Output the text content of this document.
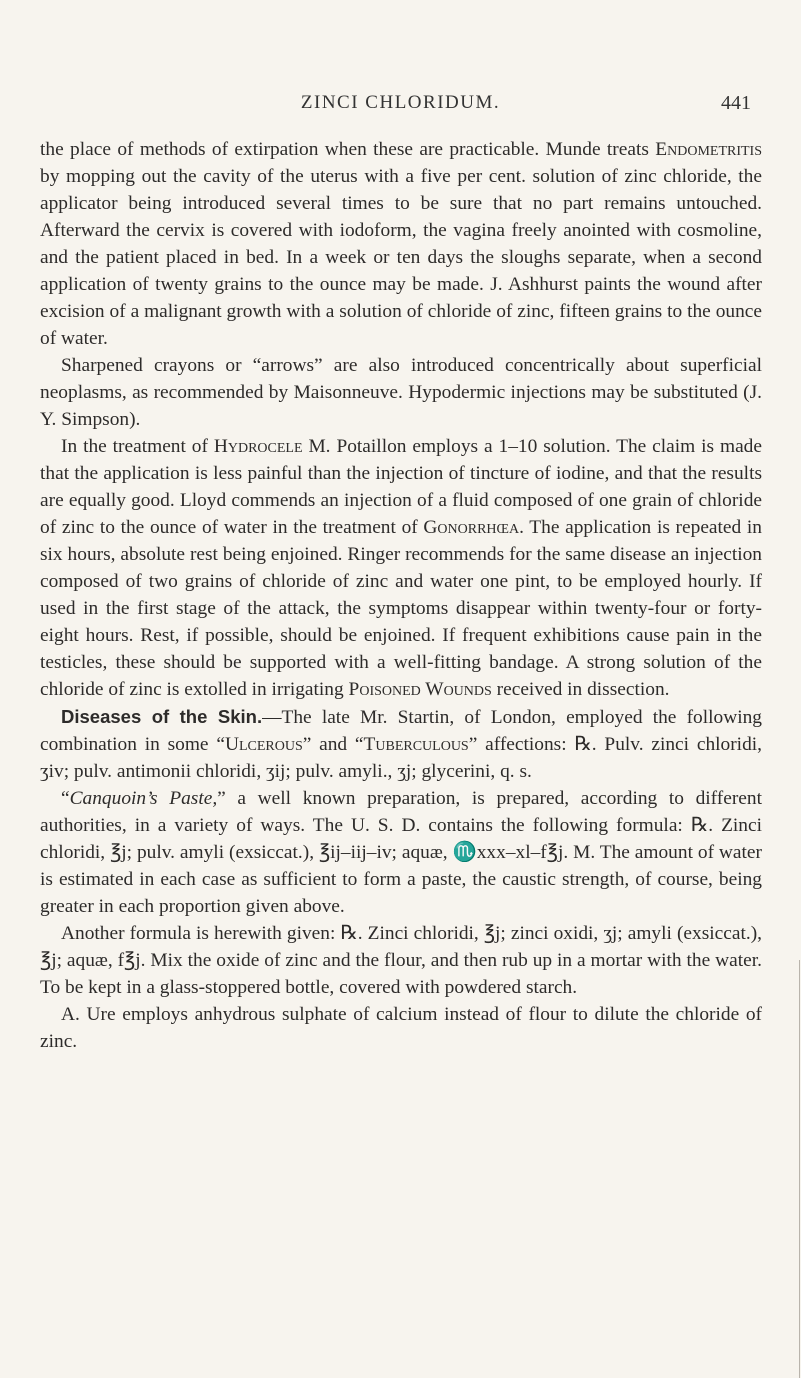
ZINCI CHLORIDUM.	441

the place of methods of extirpation when these are practicable. Munde treats Endometritis by mopping out the cavity of the uterus with a five per cent. solution of zinc chloride, the applicator being introduced several times to be sure that no part remains untouched. Afterward the cervix is covered with iodoform, the vagina freely anointed with cosmoline, and the patient placed in bed. In a week or ten days the sloughs separate, when a second application of twenty grains to the ounce may be made. J. Ashhurst paints the wound after excision of a malignant growth with a solution of chloride of zinc, fifteen grains to the ounce of water.

Sharpened crayons or “arrows” are also introduced concentrically about superficial neoplasms, as recommended by Maisonneuve. Hypodermic injections may be substituted (J. Y. Simpson).

In the treatment of Hydrocele M. Potaillon employs a 1–10 solution. The claim is made that the application is less painful than the injection of tincture of iodine, and that the results are equally good. Lloyd commends an injection of a fluid composed of one grain of chloride of zinc to the ounce of water in the treatment of Gonorrhœa. The application is repeated in six hours, absolute rest being enjoined. Ringer recommends for the same disease an injection composed of two grains of chloride of zinc and water one pint, to be employed hourly. If used in the first stage of the attack, the symptoms disappear within twenty-four or forty-eight hours. Rest, if possible, should be enjoined. If frequent exhibitions cause pain in the testicles, these should be supported with a well-fitting bandage. A strong solution of the chloride of zinc is extolled in irrigating Poisoned Wounds received in dissection.

Diseases of the Skin.—The late Mr. Startin, of London, employed the following combination in some “Ulcerous” and “Tuberculous” affections: ℞. Pulv. zinci chloridi, ʒiv; pulv. antimonii chloridi, ʒij; pulv. amyli., ʒj; glycerini, q. s.

“Canquoin’s Paste,” a well known preparation, is prepared, according to different authorities, in a variety of ways. The U. S. D. contains the following formula: ℞. Zinci chloridi, ℥j; pulv. amyli (exsiccat.), ℥ij–iij–iv; aquæ, ♏xxx–xl–f℥j. M. The amount of water is estimated in each case as sufficient to form a paste, the caustic strength, of course, being greater in each proportion given above.

Another formula is herewith given: ℞. Zinci chloridi, ℥j; zinci oxidi, ʒj; amyli (exsiccat.), ℥j; aquæ, f℥j. Mix the oxide of zinc and the flour, and then rub up in a mortar with the water. To be kept in a glass-stoppered bottle, covered with powdered starch.

A. Ure employs anhydrous sulphate of calcium instead of flour to dilute the chloride of zinc.
